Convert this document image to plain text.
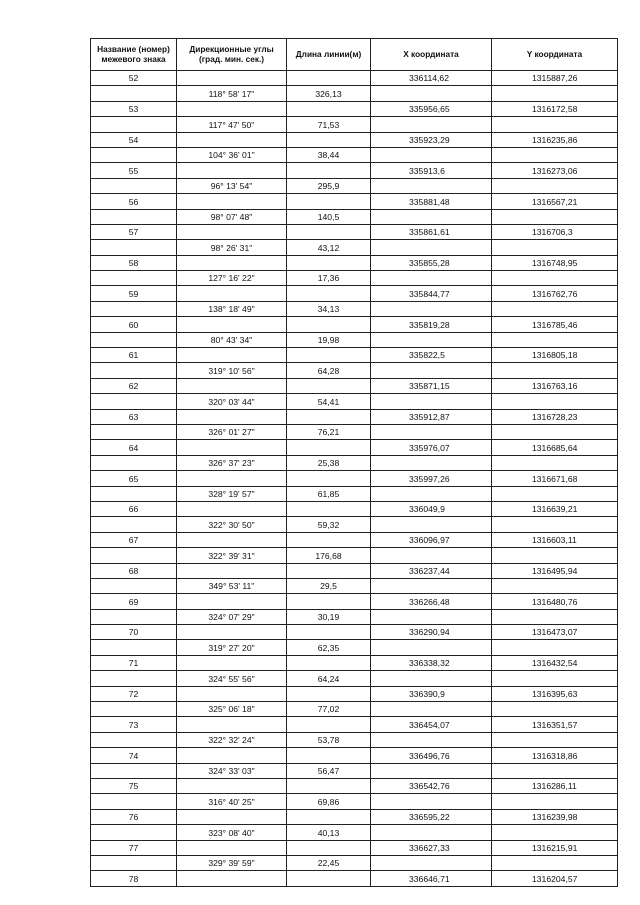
Название (номер) межевого знака	Дирекционные углы (град. мин. сек.)	Длина линии(м)	X координата	Y координата
52			336114,62	1315887,26
	118° 58' 17"	326,13		
53			335956,65	1316172,58
	117° 47' 50"	71,53		
54			335923,29	1316235,86
	104° 36' 01"	38,44		
55			335913,6	1316273,06
	96° 13' 54"	295,9		
56			335881,48	1316567,21
	98° 07' 48"	140,5		
57			335861,61	1316706,3
	98° 26' 31"	43,12		
58			335855,28	1316748,95
	127° 16' 22"	17,36		
59			335844,77	1316762,76
	138° 18' 49"	34,13		
60			335819,28	1316785,46
	80° 43' 34"	19,98		
61			335822,5	1316805,18
	319° 10' 56"	64,28		
62			335871,15	1316763,16
	320° 03' 44"	54,41		
63			335912,87	1316728,23
	326° 01' 27"	76,21		
64			335976,07	1316685,64
	326° 37' 23"	25,38		
65			335997,26	1316671,68
	328° 19' 57"	61,85		
66			336049,9	1316639,21
	322° 30' 50"	59,32		
67			336096,97	1316603,11
	322° 39' 31"	176,68		
68			336237,44	1316495,94
	349° 53' 11"	29,5		
69			336266,48	1316480,76
	324° 07' 29"	30,19		
70			336290,94	1316473,07
	319° 27' 20"	62,35		
71			336338,32	1316432,54
	324° 55' 56"	64,24		
72			336390,9	1316395,63
	325° 06' 18"	77,02		
73			336454,07	1316351,57
	322° 32' 24"	53,78		
74			336496,76	1316318,86
	324° 33' 03"	56,47		
75			336542,76	1316286,11
	316° 40' 25"	69,86		
76			336595,22	1316239,98
	323° 08' 40"	40,13		
77			336627,33	1316215,91
	329° 39' 59"	22,45		
78			336646,71	1316204,57
